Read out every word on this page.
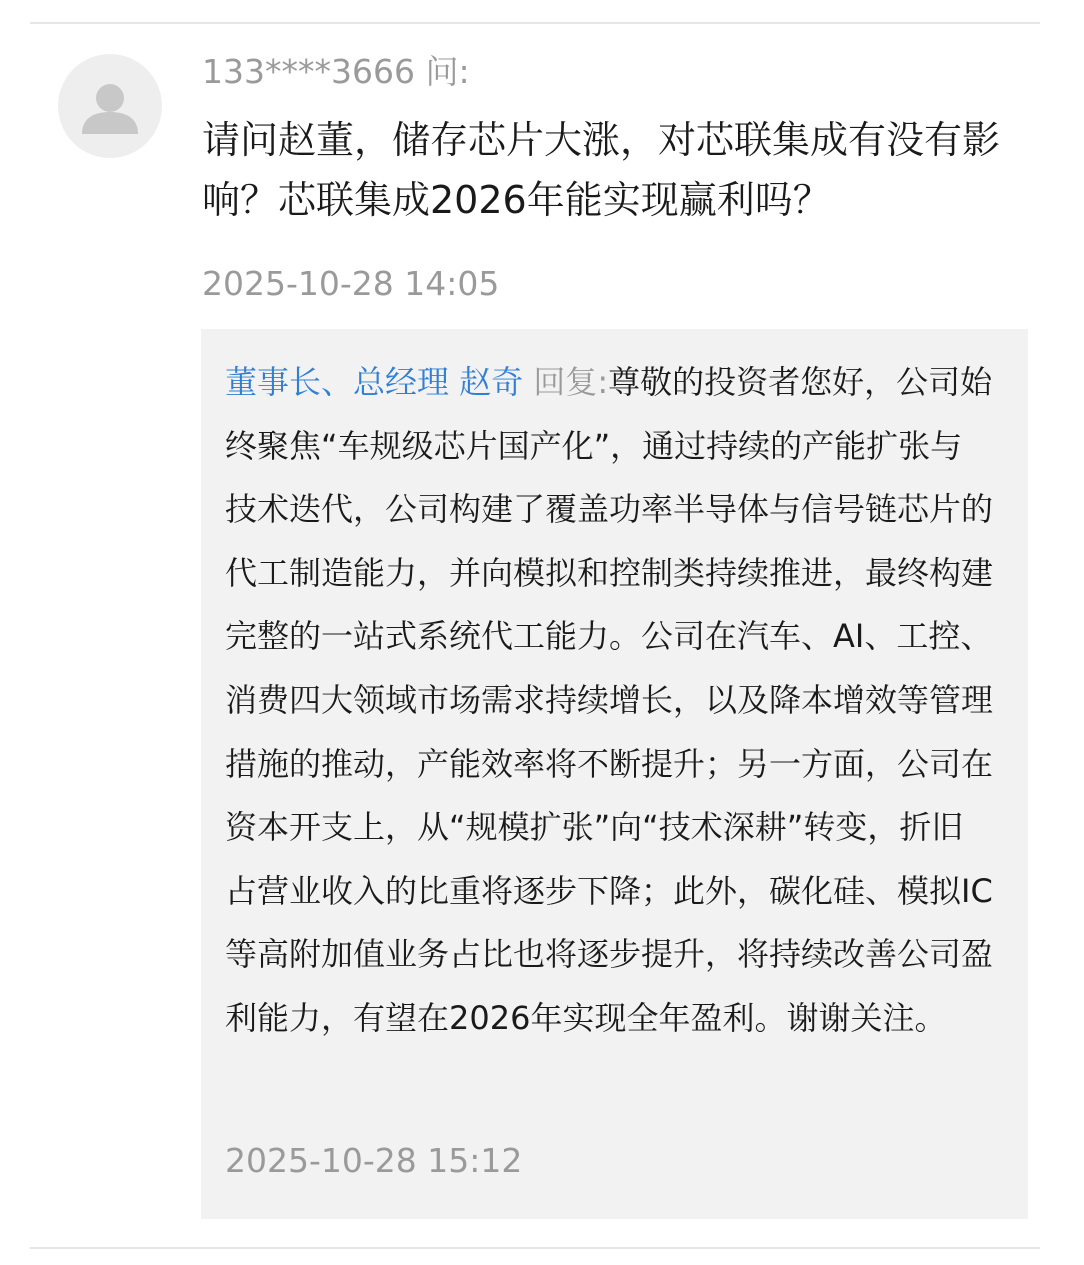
133****3666 问:
请问赵董，储存芯片大涨，对芯联集成有没有影响？芯联集成2026年能实现赢利吗？
2025-10-28 14:05
董事长、总经理 赵奇 回复:尊敬的投资者您好，公司始终聚焦“车规级芯片国产化”，通过持续的产能扩张与技术迭代，公司构建了覆盖功率半导体与信号链芯片的代工制造能力，并向模拟和控制类持续推进，最终构建完整的一站式系统代工能力。公司在汽车、AI、工控、消费四大领域市场需求持续增长，以及降本增效等管理措施的推动，产能效率将不断提升；另一方面，公司在资本开支上，从“规模扩张”向“技术深耕”转变，折旧占营业收入的比重将逐步下降；此外，碳化硅、模拟IC等高附加值业务占比也将逐步提升，将持续改善公司盈利能力，有望在2026年实现全年盈利。谢谢关注。
2025-10-28 15:12
